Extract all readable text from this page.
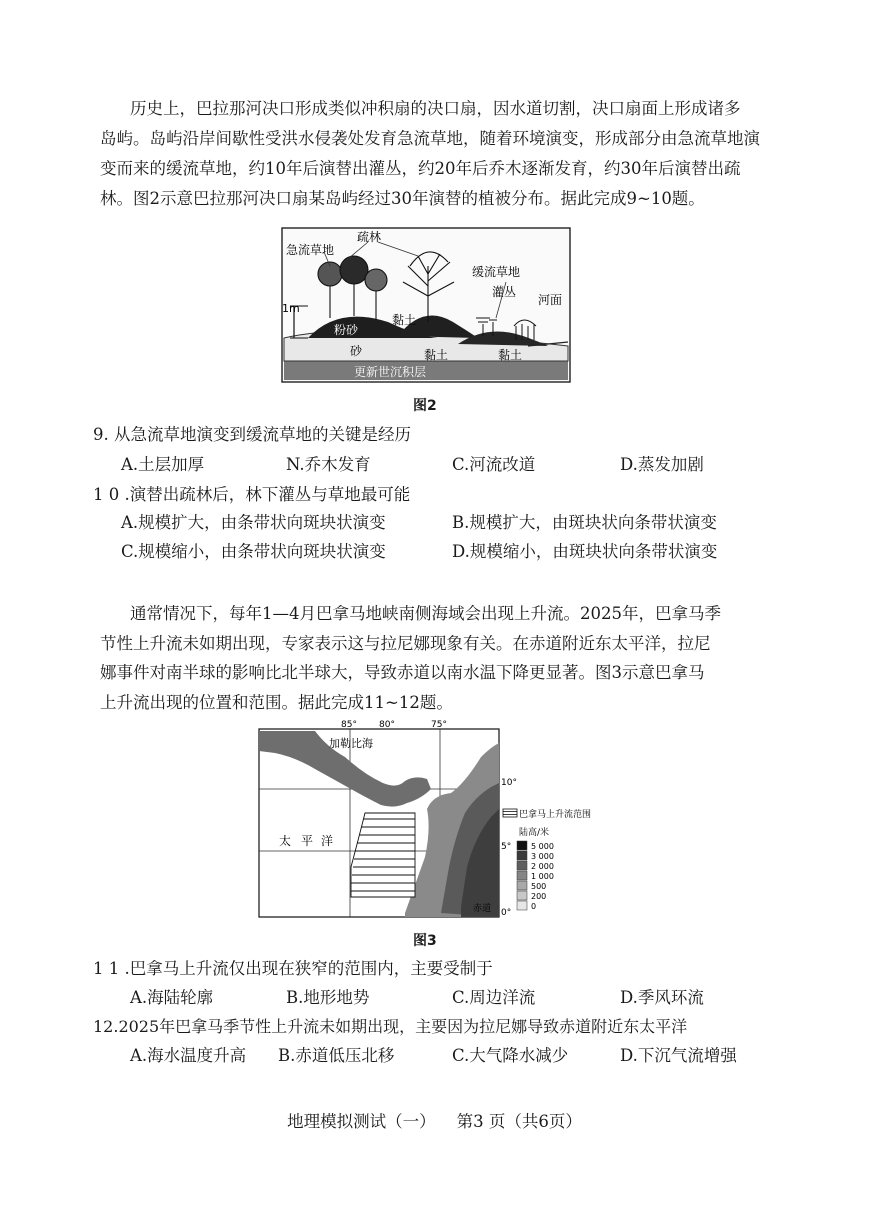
历史上，巴拉那河决口形成类似冲积扇的决口扇，因水道切割，决口扇面上形成诸多
岛屿。岛屿沿岸间歇性受洪水侵袭处发育急流草地，随着环境演变，形成部分由急流草地演
变而来的缓流草地，约10年后演替出灌丛，约20年后乔木逐渐发育，约30年后演替出疏
林。图2示意巴拉那河决口扇某岛屿经过30年演替的植被分布。据此完成9~10题。
疏林
急流草地
缓流草地
灌丛
河面
1m
粉砂
黏土
砂	黏土	黏土
更新世沉积层
图2
9. 从急流草地演变到缓流草地的关键是经历
A.土层加厚	N.乔木发育	C.河流改道	D.蒸发加剧
1 0 .演替出疏林后，林下灌丛与草地最可能
A.规模扩大，由条带状向斑块状演变	B.规模扩大，由斑块状向条带状演变
C.规模缩小，由条带状向斑块状演变	D.规模缩小，由斑块状向条带状演变
通常情况下，每年1—4月巴拿马地峡南侧海域会出现上升流。2025年，巴拿马季
节性上升流未如期出现，专家表示这与拉尼娜现象有关。在赤道附近东太平洋，拉尼
娜事件对南半球的影响比北半球大，导致赤道以南水温下降更显著。图3示意巴拿马
上升流出现的位置和范围。据此完成11~12题。
85° 80°	75°
10°
5°
0°
加勒比海
太 平 洋
赤道
巴拿马上升流范围
陆高/米
5 000
3 000
2 000
1 000
500
200
0
图3
1 1 .巴拿马上升流仅出现在狭窄的范围内，主要受制于
A.海陆轮廓	B.地形地势	C.周边洋流	D.季风环流
12.2025年巴拿马季节性上升流未如期出现，主要因为拉尼娜导致赤道附近东太平洋
A.海水温度升高 B.赤道低压北移	C.大气降水减少	D.下沉气流增强
地理模拟测试（一）    第3 页（共6页）
